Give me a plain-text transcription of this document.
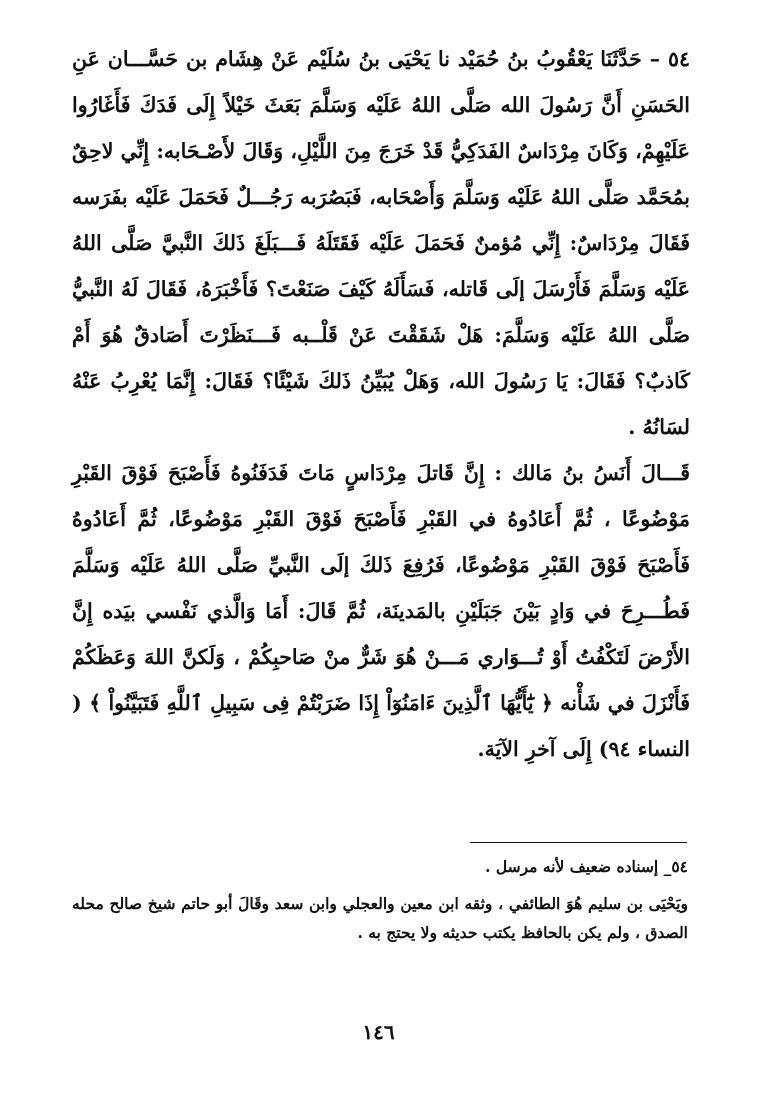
٥٤ – حَدَّثَنَا يَعْقُوبُ بنُ حُمَيْد نا يَحْيَى بنُ سُلَيْم عَنْ هِشَام بن حَسَّـــان عَنِ الحَسَنِ أَنَّ رَسُولَ الله صَلَّى اللهُ عَلَيْه وَسَلَّمَ بَعَثَ خَيْلاً إِلَى فَدَكَ فَأَغَارُوا عَلَيْهِمْ، وَكَانَ مِرْدَاسٌ الفَدَكِيُّ قَدْ خَرَجَ مِنَ اللَّيْلِ، وَقَالَ لأَصْـحَابه: إِنِّي لاحِقٌ بمُحَمَّد صَلَّى اللهُ عَلَيْه وَسَلَّمَ وَأَصْحَابه، فَبَصُرَبه رَجُـــلٌ فَحَمَلَ عَلَيْه بفَرَسه فَقَالَ مِرْدَاسٌ: إِنِّي مُؤمنٌ فَحَمَلَ عَلَيْه فَقَتَلَهُ فَـــبَلَغَ ذَلكَ النَّبيَّ صَلَّى اللهُ عَلَيْه وَسَلَّمَ فَأَرْسَلَ إلَى قَاتله، فَسَأَلَهُ كَيْفَ صَنَعْتَ؟ فَأَخْبَرَهُ، فَقَالَ لَهُ النَّبيُّ صَلَّى اللهُ عَلَيْه وَسَلَّمَ: هَلْ شَقَقْتَ عَنْ قَلْــبه فَـــنَظَرْتَ أَصَادقٌ هُوَ أَمْ كَاذبٌ؟ فَقَالَ: يَا رَسُولَ الله، وَهَلْ يُبَيِّنُ ذَلكَ شَيْئًا؟ فَقَالَ: إِنَّمَا يُعْرِبُ عَنْهُ لسَانُهُ .

قَـــالَ أَنَسُ بنُ مَالك : إِنَّ قَاتلَ مِرْدَاسٍ مَاتَ فَدَفَنُوهُ فَأَصْبَحَ فَوْقَ القَبْرِ مَوْضُوعًا ، ثُمَّ أَعَادُوهُ في القَبْرِ فَأَصْبَحَ فَوْقَ القَبْرِ مَوْضُوعًا، ثُمَّ أَعَادُوهُ فَأَصْبَحَ فَوْقَ القَبْرِ مَوْضُوعًا، فَرُفِعَ ذَلكَ إلَى النَّبيِّ صَلَّى اللهُ عَلَيْه وَسَلَّمَ فَطُـــرِحَ في وَادٍ بَيْنَ جَبَلَيْنِ بالمَدينَة، ثُمَّ قَالَ: أَمَا وَالَّذي نَفْسي بيَده إِنَّ الأَرْضَ لَتَكْفُتُ أَوْ تُـــوَاري مَـــنْ هُوَ شَرٌّ منْ صَاحبِكُمْ ، وَلَكنَّ اللهَ وَعَظَكُمْ فَأَنْزَلَ في شَأْنه ﴿ يَٰٓأَيُّهَا ٱلَّذِينَ ءَامَنُوٓاْ إِذَا ضَرَبْتُمْ فِى سَبِيلِ ٱللَّهِ فَتَبَيَّنُواْ ﴾ ( النساء ٩٤) إِلَى آخرِ الآيَة.

٥٤_ إسناده ضعيف لأنه مرسل .

ويَحْيَى بن سليم هُوَ الطائفي ، وثقه ابن معين والعجلي وابن سعد وقَالَ أبو حاتم شيخ صالح محله الصدق ، ولم يكن بالحافظ يكتب حديثه ولا يحتج به .

١٤٦
